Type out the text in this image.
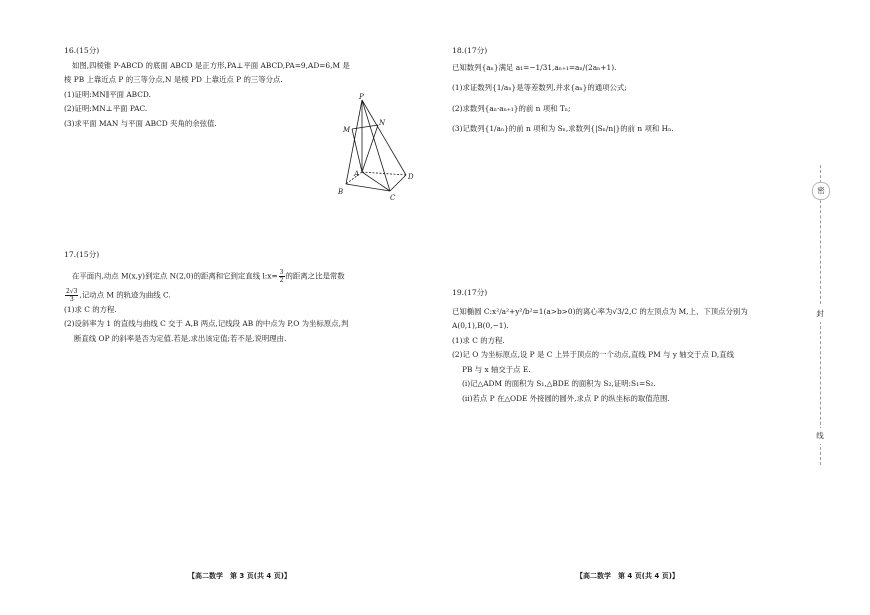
16.(15分)

如图,四棱锥 P-ABCD 的底面 ABCD 是正方形,PA⊥平面 ABCD,PA=9,AD=6,M 是

棱 PB 上靠近点 P 的三等分点,N 是棱 PD 上靠近点 P 的三等分点.

(1)证明:MN∥平面 ABCD.

(2)证明:MN⊥平面 PAC.

(3)求平面 MAN 与平面 ABCD 夹角的余弦值.

P
M
N
A
B
C
D

17.(15分)

在平面内,动点 M(x,y)到定点 N(2,0)的距离和它到定直线 l:x= $\frac{3}{2}$ 的距离之比是常数

$\frac{2√3}{3}$ ,记动点 M 的轨迹为曲线 C.

(1)求 C 的方程.

(2)设斜率为 1 的直线与曲线 C 交于 A,B 两点,记线段 AB 的中点为 P,O 为坐标原点,判

断直线 OP 的斜率是否为定值.若是,求出该定值;若不是,说明理由.

【高二数学　第 3 页(共 4 页)】

18.(17分)

已知数列{aₙ}满足 a₁=−1/31,aₙ₊₁=aₙ/(2aₙ+1).

(1)求证数列{1/aₙ}是等差数列,并求{aₙ}的通项公式;

(2)求数列{aₙ·aₙ₊₁}的前 n 项和 Tₙ;

(3)记数列{1/aₙ}的前 n 项和为 Sₙ,求数列{|Sₙ/n|}的前 n 项和 Hₙ.

19.(17分)

已知椭圆 C:x²/a²+y²/b²=1(a>b>0)的离心率为√3/2,C 的左顶点为 M,上、下顶点分别为

A(0,1),B(0,−1).

(1)求 C 的方程.

(2)记 O 为坐标原点,设 P 是 C 上异于顶点的一个动点,直线 PM 与 y 轴交于点 D,直线

PB 与 x 轴交于点 E.

(ⅰ)记△ADM 的面积为 S₁,△BDE 的面积为 S₂,证明:S₁=S₂.

(ⅱ)若点 P 在△ODE 外接圆的圆外,求点 P 的纵坐标的取值范围.

密
封
线
【高二数学　第 4 页(共 4 页)】
